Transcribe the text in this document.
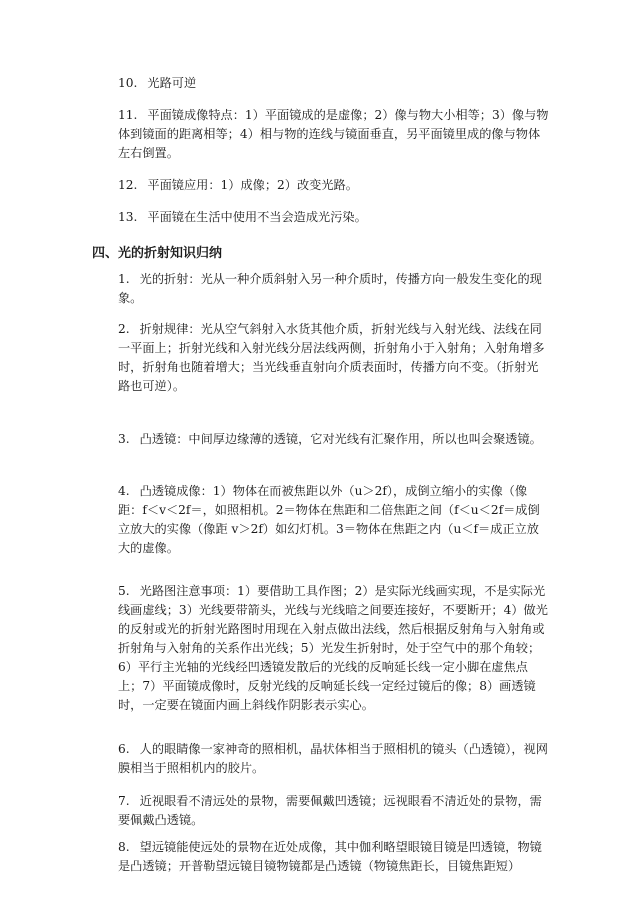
10. 光路可逆

11. 平面镜成像特点：1）平面镜成的是虚像；2）像与物大小相等；3）像与物体到镜面的距离相等；4）相与物的连线与镜面垂直，另平面镜里成的像与物体左右倒置。

12. 平面镜应用：1）成像；2）改变光路。

13. 平面镜在生活中使用不当会造成光污染。

四、光的折射知识归纳

1. 光的折射：光从一种介质斜射入另一种介质时，传播方向一般发生变化的现象。

2. 折射规律：光从空气斜射入水货其他介质，折射光线与入射光线、法线在同一平面上；折射光线和入射光线分居法线两侧，折射角小于入射角；入射角增多时，折射角也随着增大；当光线垂直射向介质表面时，传播方向不变。（折射光路也可逆）。

3. 凸透镜：中间厚边缘薄的透镜，它对光线有汇聚作用，所以也叫会聚透镜。

4. 凸透镜成像：1）物体在而被焦距以外（u＞2f），成倒立缩小的实像（像距：f＜v＜2f＝，如照相机。2＝物体在焦距和二倍焦距之间（f＜u＜2f＝成倒立放大的实像（像距 v＞2f）如幻灯机。3＝物体在焦距之内（u＜f＝成正立放大的虚像。

5. 光路图注意事项：1）要借助工具作图；2）是实际光线画实现，不是实际光线画虚线；3）光线要带箭头，光线与光线暗之间要连接好，不要断开；4）做光的反射或光的折射光路图时用现在入射点做出法线，然后根据反射角与入射角或折射角与入射角的关系作出光线；5）光发生折射时，处于空气中的那个角较；6）平行主光轴的光线经凹透镜发散后的光线的反响延长线一定小脚在虚焦点上；7）平面镜成像时，反射光线的反响延长线一定经过镜后的像；8）画透镜时，一定要在镜面内画上斜线作阴影表示实心。

6. 人的眼睛像一家神奇的照相机，晶状体相当于照相机的镜头（凸透镜），视网膜相当于照相机内的胶片。

7. 近视眼看不清远处的景物，需要佩戴凹透镜；远视眼看不清近处的景物，需要佩戴凸透镜。

8. 望远镜能使远处的景物在近处成像，其中伽利略望眼镜目镜是凹透镜，物镜是凸透镜；开普勒望远镜目镜物镜都是凸透镜（物镜焦距长，目镜焦距短）
